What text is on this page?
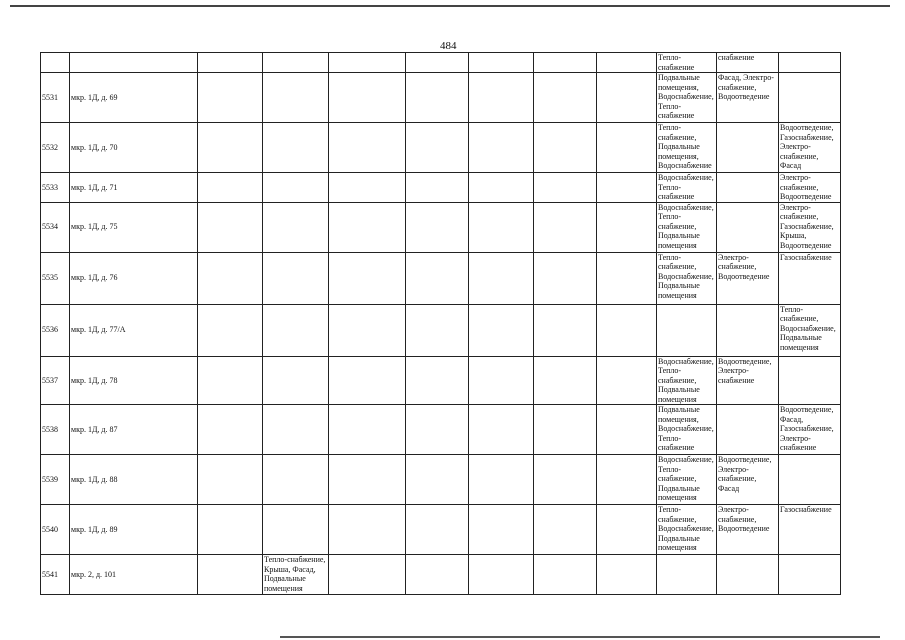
484
									Тепло-
снабжение	снабжение	
5531	мкр. 1Д, д. 69								Подвальные
помещения,
Водоснабжение,
Тепло-
снабжение	Фасад, Электро-
снабжение,
Водоотведение	
5532	мкр. 1Д, д. 70								Тепло-
снабжение,
Подвальные
помещения,
Водоснабжение		Водоотведение,
Газоснабжение,
Электро-
снабжение,
Фасад
5533	мкр. 1Д, д. 71								Водоснабжение,
Тепло-
снабжение		Электро-
снабжение,
Водоотведение
5534	мкр. 1Д, д. 75								Водоснабжение,
Тепло-
снабжение,
Подвальные
помещения		Электро-
снабжение,
Газоснабжение,
Крыша,
Водоотведение
5535	мкр. 1Д, д. 76								Тепло-
снабжение,
Водоснабжение,
Подвальные
помещения	Электро-
снабжение,
Водоотведение	Газоснабжение
5536	мкр. 1Д, д. 77/А										Тепло-
снабжение,
Водоснабжение,
Подвальные
помещения
5537	мкр. 1Д, д. 78								Водоснабжение,
Тепло-
снабжение,
Подвальные
помещения	Водоотведение,
Электро-
снабжение	
5538	мкр. 1Д, д. 87								Подвальные
помещения,
Водоснабжение,
Тепло-
снабжение		Водоотведение,
Фасад,
Газоснабжение,
Электро-
снабжение
5539	мкр. 1Д, д. 88								Водоснабжение,
Тепло-
снабжение,
Подвальные
помещения	Водоотведение,
Электро-
снабжение,
Фасад	
5540	мкр. 1Д, д. 89								Тепло-
снабжение,
Водоснабжение,
Подвальные
помещения	Электро-
снабжение,
Водоотведение	Газоснабжение
5541	мкр. 2, д. 101		Тепло-снабжение,
Крыша, Фасад,
Подвальные
помещения								
